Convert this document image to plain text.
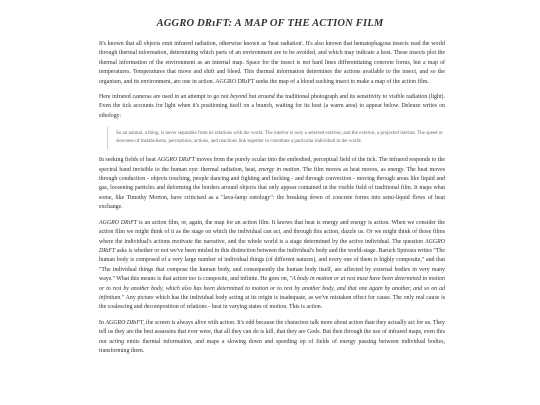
AGGRO DRɪFT: A MAP OF THE ACTION FILM

It's known that all objects emit infrared radiation, otherwise known as 'heat radiation'. It's also known that hematophagous insects read the world through thermal information, determining which parts of an environment are to be avoided, and which may indicate a host. These insects plot the thermal information of the environment as an internal map. Space for the insect is not hard lines differentiating concrete forms, but a map of temperatures. Temperatures that move and shift and bleed. This thermal information determines the actions available to the insect, and so the organism, and its environment, are one in action. AGGRO DRɪFT seeks the map of a blood sucking insect to make a map of the action film.

Here infrared cameras are used in an attempt to go not beyond but around the traditional photograph and its sensitivity to visible radiation (light). Even the tick accounts for light when it's positioning itself on a branch, waiting for its host (a warm area) to appear below. Deleuze writes on ethology:

So an animal, a thing, is never separable from its relations with the world. The interior is only a selected exterior, and the exterior, a projected interior. The speed or slowness of metabolisms, perceptions, actions, and reactions link together to constitute a particular individual in the world.

In seeking fields of heat AGGRO DRɪFT moves from the purely ocular into the embodied, perceptual field of the tick. The infrared responds to the spectral band invisible to the human eye: thermal radiation, heat, energy in motion. The film moves as heat moves, as energy. The heat moves through conduction - objects touching, people dancing and fighting and fucking - and through convection - moving through areas like liquid and gas, loosening particles and deforming the borders around objects that only appear contained in the visible field of traditional film. It maps what some, like Timothy Morton, have criticised as a "lava-lamp ontology": the breaking down of concrete forms into semi-liquid flows of heat exchange.

AGGRO DRɪFT is an action film, or, again, the map for an action film. It knows that heat is energy and energy is action. When we consider the action film we might think of it as the stage on which the individual can act, and through this action, dazzle us. Or we might think of those films where the individual's actions motivate the narrative, and the whole world is a stage determined by the active individual. The question AGGRO DRɪFT asks is whether or not we've been misled in this distinction between the individual's body and the world-stage. Baruch Spinoza writes "The human body is composed of a very large number of individual things (of different natures), and every one of them is highly composite," and that "The individual things that compose the human body, and consequently the human body itself, are affected by external bodies in very many ways." What this means is that action too is composite, and infinite. He goes on, "A body in motion or at rest must have been determined to motion or to rest by another body, which also has been determined to motion or to rest by another body, and that one again by another, and so on ad infinitum." Any picture which has the individual body acting at its origin is inadequate, as we've mistaken effect for cause. The only real cause is the coalescing and decomposition of relations - heat in varying states of motion. This is action.

In AGGRO DRɪFT, the screen is always alive with action. It's odd because the characters talk more about action than they actually act for us. They tell us they are the best assassins that ever were, that all they can do is kill, that they are Gods. But then through the use of infrared maps, even this not acting emits thermal information, and maps a slowing down and speeding up of fields of energy passing between individual bodies, transforming them.
